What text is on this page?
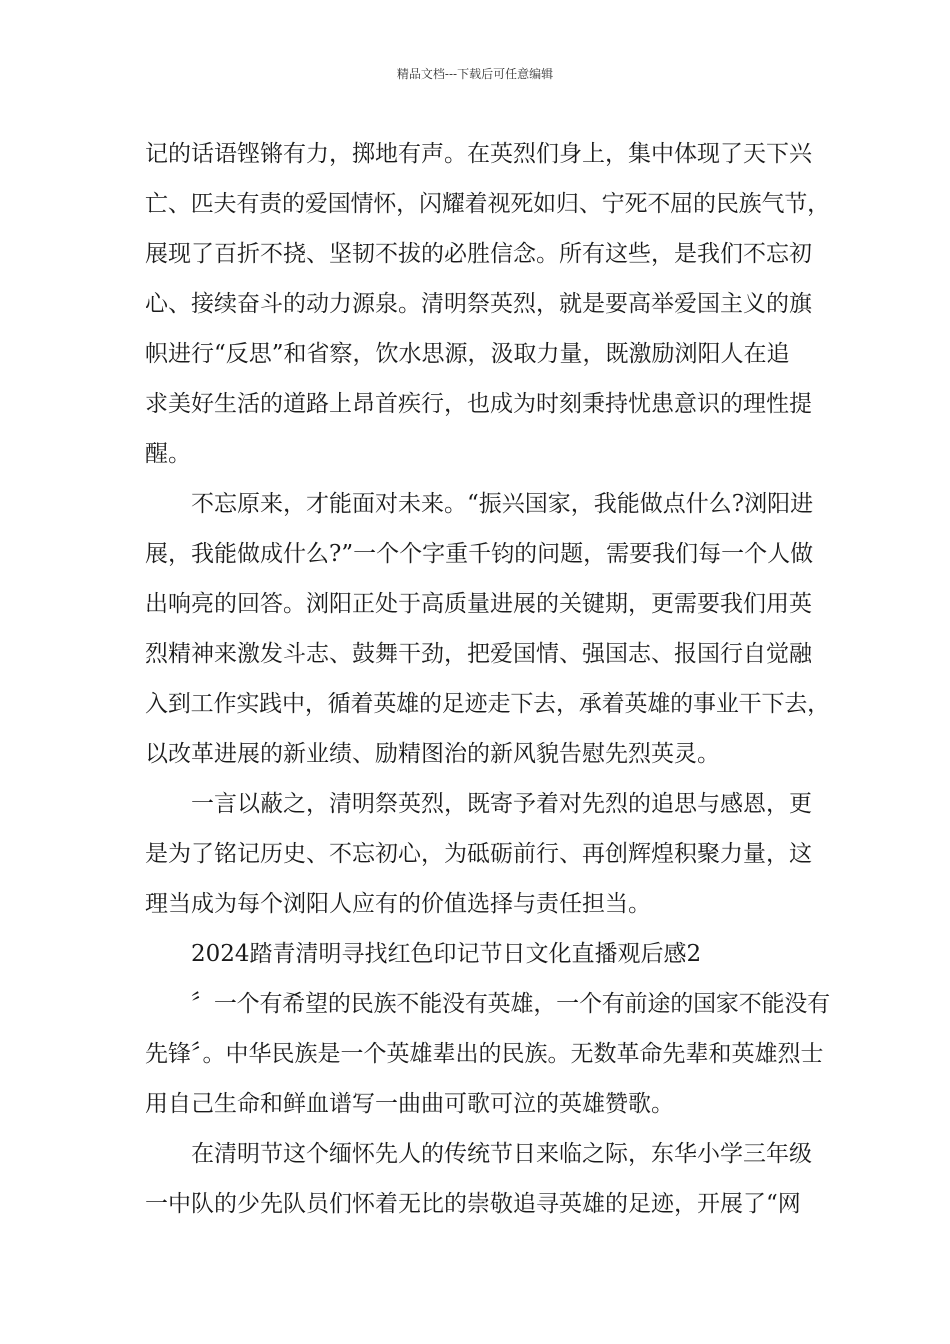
精品文档---下载后可任意编辑
记的话语铿锵有力，掷地有声。在英烈们身上，集中体现了天下兴
亡、匹夫有责的爱国情怀，闪耀着视死如归、宁死不屈的民族气节，
展现了百折不挠、坚韧不拔的必胜信念。所有这些，是我们不忘初
心、接续奋斗的动力源泉。清明祭英烈，就是要高举爱国主义的旗
帜进行“反思”和省察，饮水思源，汲取力量，既激励浏阳人在追
求美好生活的道路上昂首疾行，也成为时刻秉持忧患意识的理性提
醒。
不忘原来，才能面对未来。“振兴国家，我能做点什么?浏阳进
展，我能做成什么?”一个个字重千钧的问题，需要我们每一个人做
出响亮的回答。浏阳正处于高质量进展的关键期，更需要我们用英
烈精神来激发斗志、鼓舞干劲，把爱国情、强国志、报国行自觉融
入到工作实践中，循着英雄的足迹走下去，承着英雄的事业干下去，
以改革进展的新业绩、励精图治的新风貌告慰先烈英灵。
一言以蔽之，清明祭英烈，既寄予着对先烈的追思与感恩，更
是为了铭记历史、不忘初心，为砥砺前行、再创辉煌积聚力量，这
理当成为每个浏阳人应有的价值选择与责任担当。
2024踏青清明寻找红色印记节日文化直播观后感2
〞一个有希望的民族不能没有英雄，一个有前途的国家不能没有
先锋〞。中华民族是一个英雄辈出的民族。无数革命先辈和英雄烈士
用自己生命和鲜血谱写一曲曲可歌可泣的英雄赞歌。
在清明节这个缅怀先人的传统节日来临之际，东华小学三年级
一中队的少先队员们怀着无比的崇敬追寻英雄的足迹，开展了“网
